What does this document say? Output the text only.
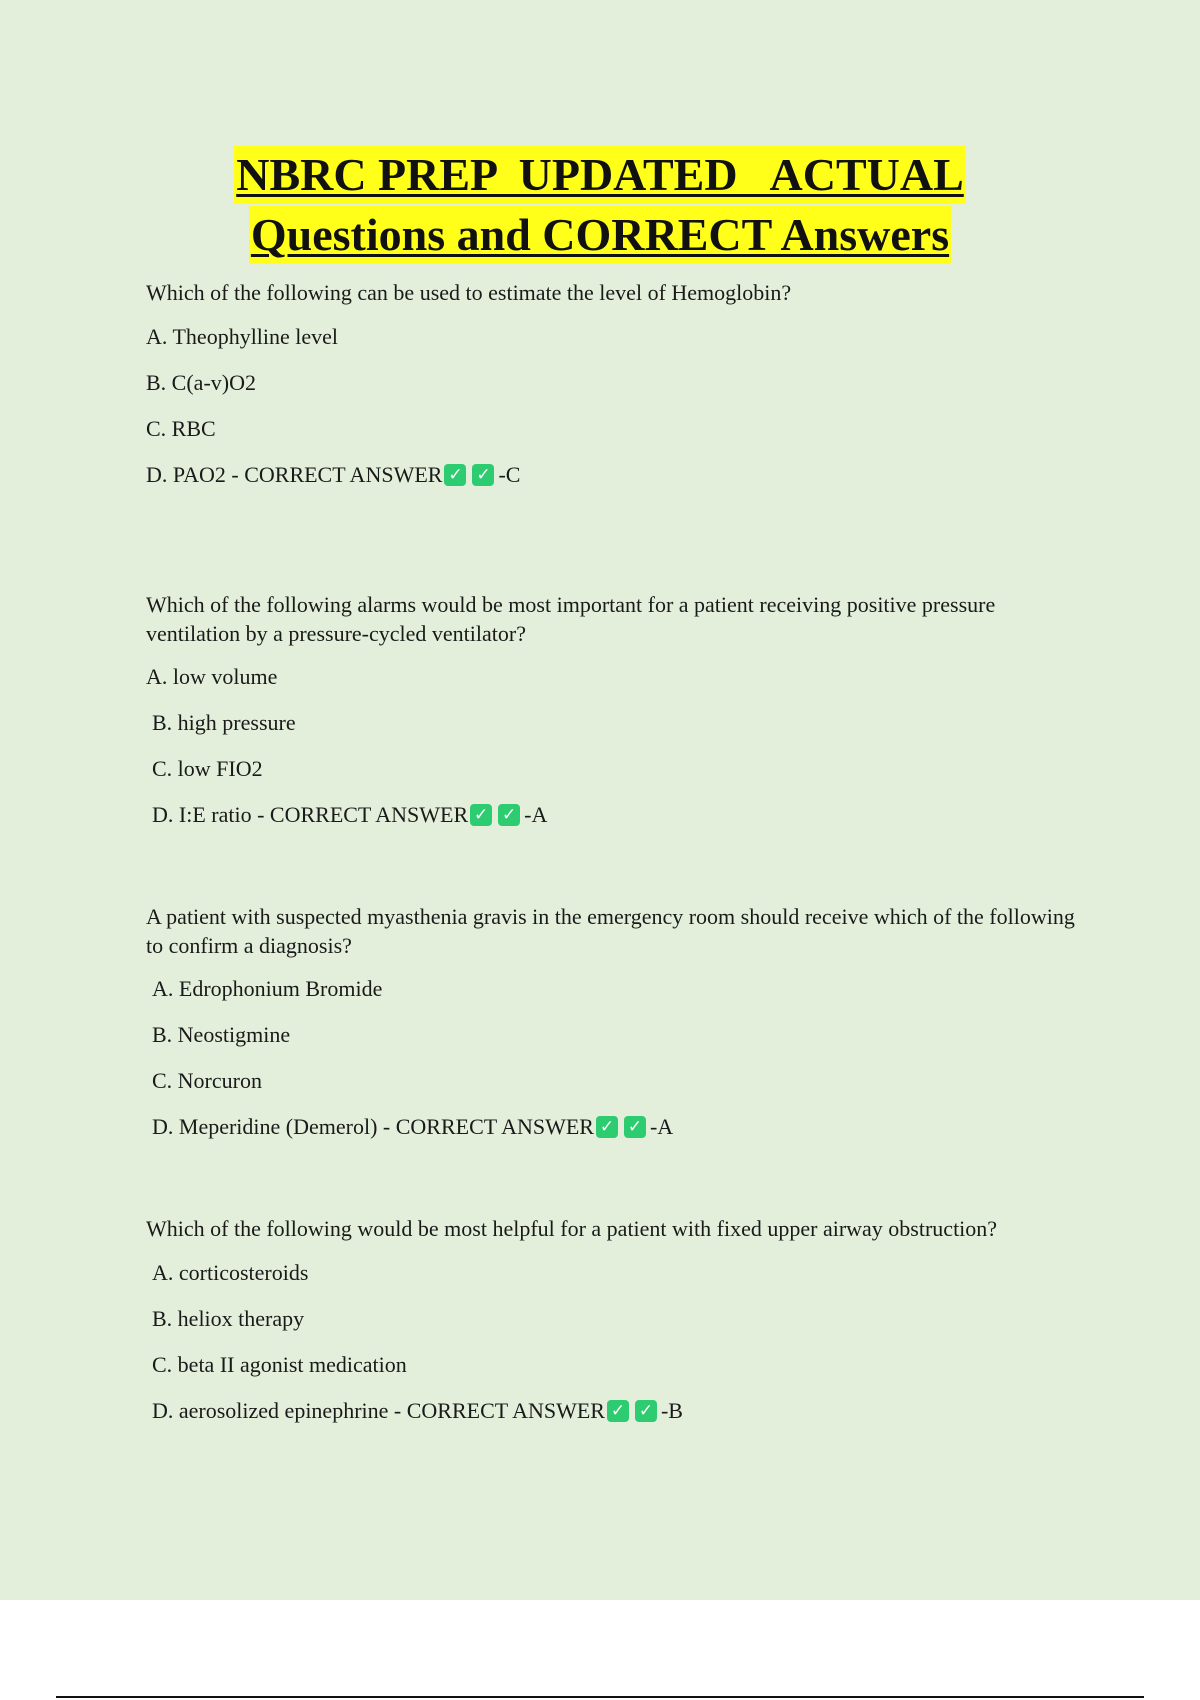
NBRC PREP  UPDATED   ACTUAL
Questions and CORRECT Answers

Which of the following can be used to estimate the level of Hemoglobin?

A. Theophylline level
B. C(a-v)O2
C. RBC
D. PAO2 - CORRECT ANSWER ✓ ✓ -C

Which of the following alarms would be most important for a patient receiving positive pressure ventilation by a pressure-cycled ventilator?

A. low volume
B. high pressure
C. low FIO2
D. I:E ratio - CORRECT ANSWER ✓ ✓ -A

A patient with suspected myasthenia gravis in the emergency room should receive which of the following to confirm a diagnosis?

A. Edrophonium Bromide
B. Neostigmine
C. Norcuron
D. Meperidine (Demerol) - CORRECT ANSWER ✓ ✓ -A

Which of the following would be most helpful for a patient with fixed upper airway obstruction?

A. corticosteroids
B. heliox therapy
C. beta II agonist medication
D. aerosolized epinephrine - CORRECT ANSWER ✓ ✓ -B
